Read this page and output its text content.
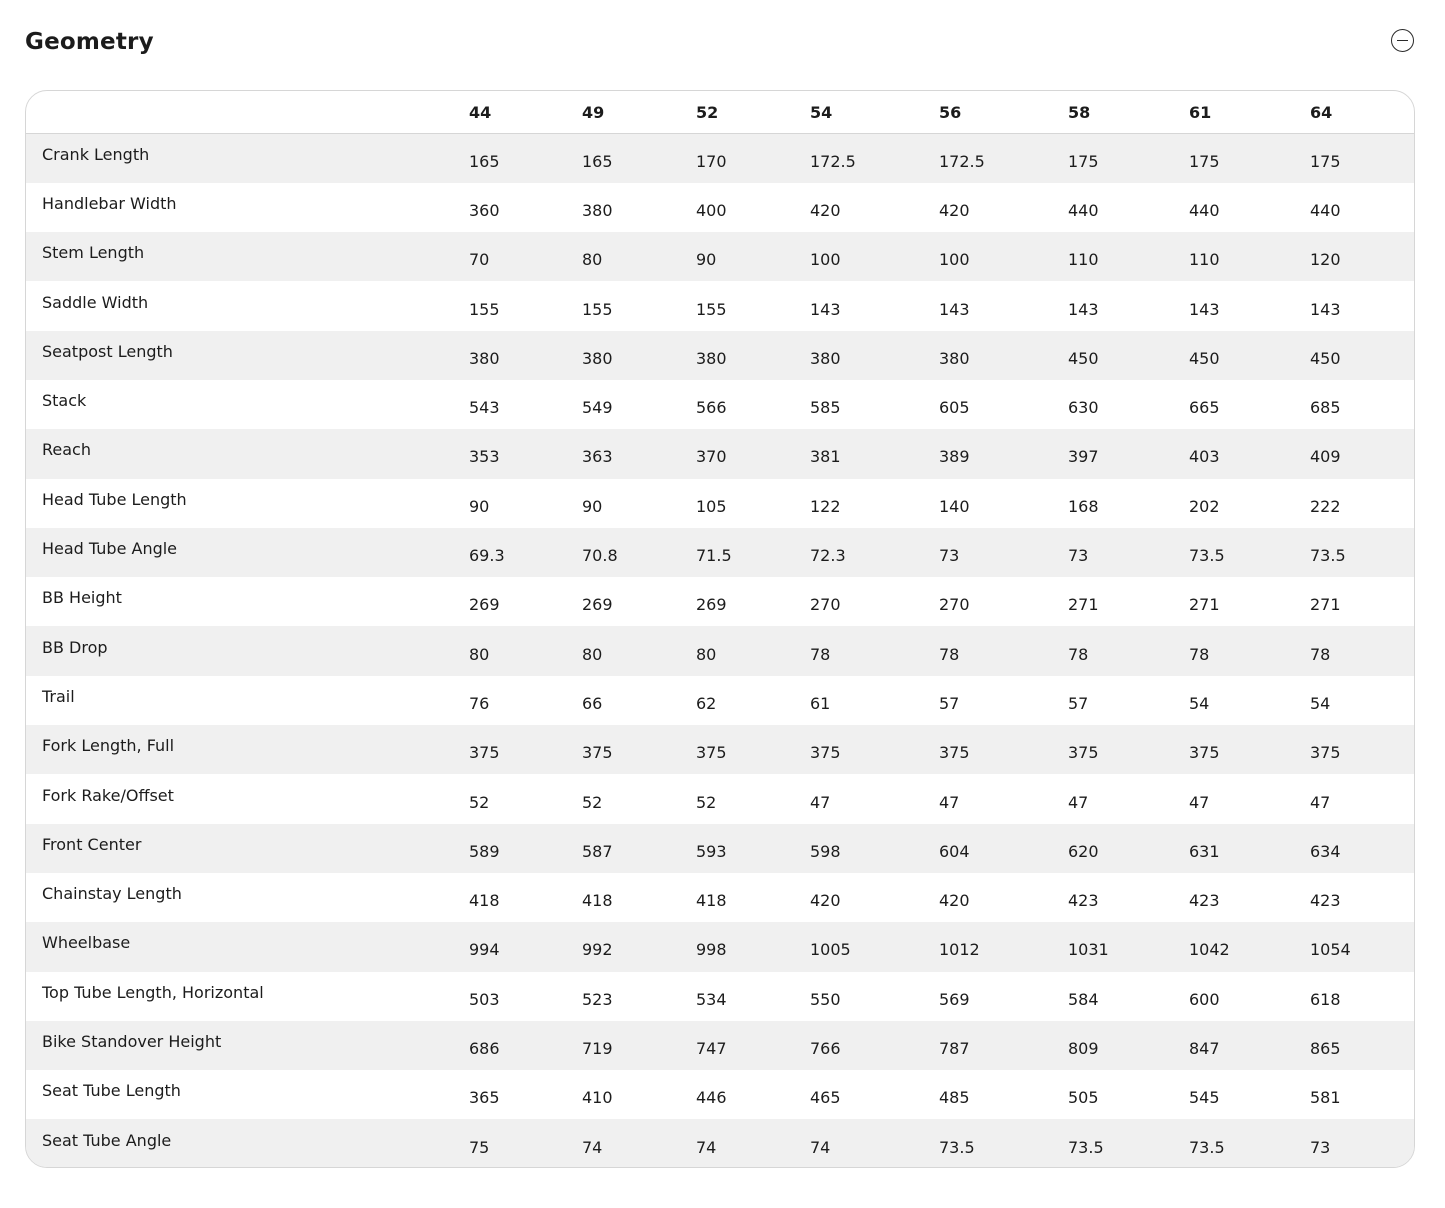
Geometry
	44	49	52	54	56	58	61	64
Crank Length	165	165	170	172.5	172.5	175	175	175
Handlebar Width	360	380	400	420	420	440	440	440
Stem Length	70	80	90	100	100	110	110	120
Saddle Width	155	155	155	143	143	143	143	143
Seatpost Length	380	380	380	380	380	450	450	450
Stack	543	549	566	585	605	630	665	685
Reach	353	363	370	381	389	397	403	409
Head Tube Length	90	90	105	122	140	168	202	222
Head Tube Angle	69.3	70.8	71.5	72.3	73	73	73.5	73.5
BB Height	269	269	269	270	270	271	271	271
BB Drop	80	80	80	78	78	78	78	78
Trail	76	66	62	61	57	57	54	54
Fork Length, Full	375	375	375	375	375	375	375	375
Fork Rake/Offset	52	52	52	47	47	47	47	47
Front Center	589	587	593	598	604	620	631	634
Chainstay Length	418	418	418	420	420	423	423	423
Wheelbase	994	992	998	1005	1012	1031	1042	1054
Top Tube Length, Horizontal	503	523	534	550	569	584	600	618
Bike Standover Height	686	719	747	766	787	809	847	865
Seat Tube Length	365	410	446	465	485	505	545	581
Seat Tube Angle	75	74	74	74	73.5	73.5	73.5	73
